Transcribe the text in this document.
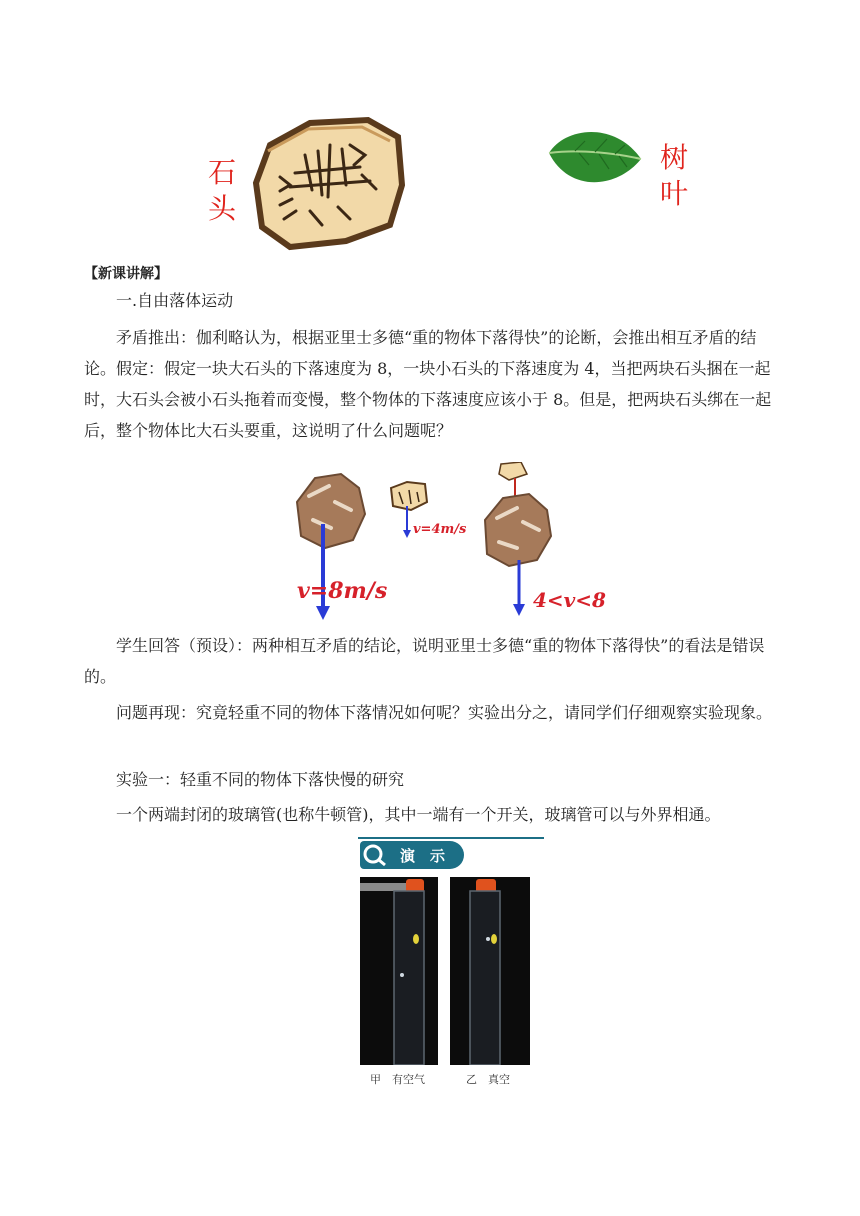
石
头
树
叶
【新课讲解】
一.自由落体运动
矛盾推出：伽利略认为，根据亚里士多德“重的物体下落得快”的论断，会推出相互矛盾的结论。假定：假定一块大石头的下落速度为 8，一块小石头的下落速度为 4，当把两块石头捆在一起时，大石头会被小石头拖着而变慢，整个物体的下落速度应该小于 8。但是，把两块石头绑在一起后，整个物体比大石头要重，这说明了什么问题呢？
v=8m/s
v=4m/s
4<v<8
学生回答（预设）：两种相互矛盾的结论，说明亚里士多德“重的物体下落得快”的看法是错误的。
问题再现：究竟轻重不同的物体下落情况如何呢？实验出分之，请同学们仔细观察实验现象。
实验一：轻重不同的物体下落快慢的研究
一个两端封闭的玻璃管(也称牛顿管)，其中一端有一个开关，玻璃管可以与外界相通。
演　示
甲　有空气	乙　真空
